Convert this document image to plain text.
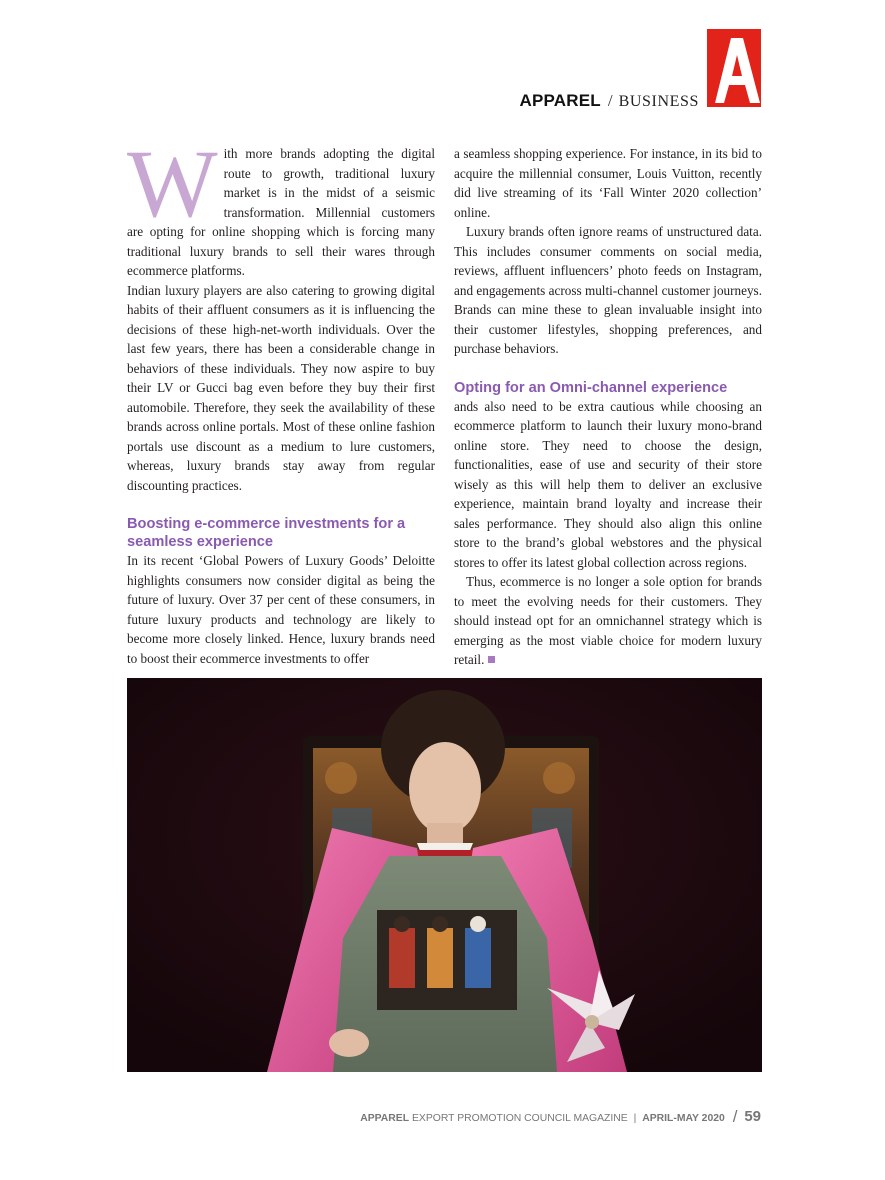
APPAREL / BUSINESS

With more brands adopting the digital route to growth, traditional luxury market is in the midst of a seismic transformation. Millennial customers are opting for online shopping which is forcing many traditional luxury brands to sell their wares through ecommerce platforms.

Indian luxury players are also catering to growing digital habits of their affluent consumers as it is influencing the decisions of these high-net-worth individuals. Over the last few years, there has been a considerable change in behaviors of these individuals. They now aspire to buy their LV or Gucci bag even before they buy their first automobile. Therefore, they seek the availability of these brands across online portals. Most of these online fashion portals use discount as a medium to lure customers, whereas, luxury brands stay away from regular discounting practices.

Boosting e-commerce investments for a seamless experience

In its recent ‘Global Powers of Luxury Goods’ Deloitte highlights consumers now consider digital as being the future of luxury. Over 37 per cent of these consumers, in future luxury products and technology are likely to become more closely linked. Hence, luxury brands need to boost their ecommerce investments to offer

a seamless shopping experience. For instance, in its bid to acquire the millennial consumer, Louis Vuitton, recently did live streaming of its ‘Fall Winter 2020 collection’ online.

Luxury brands often ignore reams of unstructured data. This includes consumer comments on social media, reviews, affluent influencers’ photo feeds on Instagram, and engagements across multi-channel customer journeys. Brands can mine these to glean invaluable insight into their customer lifestyles, shopping preferences, and purchase behaviors.

Opting for an Omni-channel experience

ands also need to be extra cautious while choosing an ecommerce platform to launch their luxury mono-brand online store. They need to choose the design, functionalities, ease of use and security of their store wisely as this will help them to deliver an exclusive experience, maintain brand loyalty and increase their sales performance. They should also align this online store to the brand’s global webstores and the physical stores to offer its latest global collection across regions.

Thus, ecommerce is no longer a sole option for brands to meet the evolving needs for their customers. They should instead opt for an omnichannel strategy which is emerging as the most viable choice for modern luxury retail.

APPAREL EXPORT PROMOTION COUNCIL MAGAZINE | APRIL-MAY 2020 / 59
